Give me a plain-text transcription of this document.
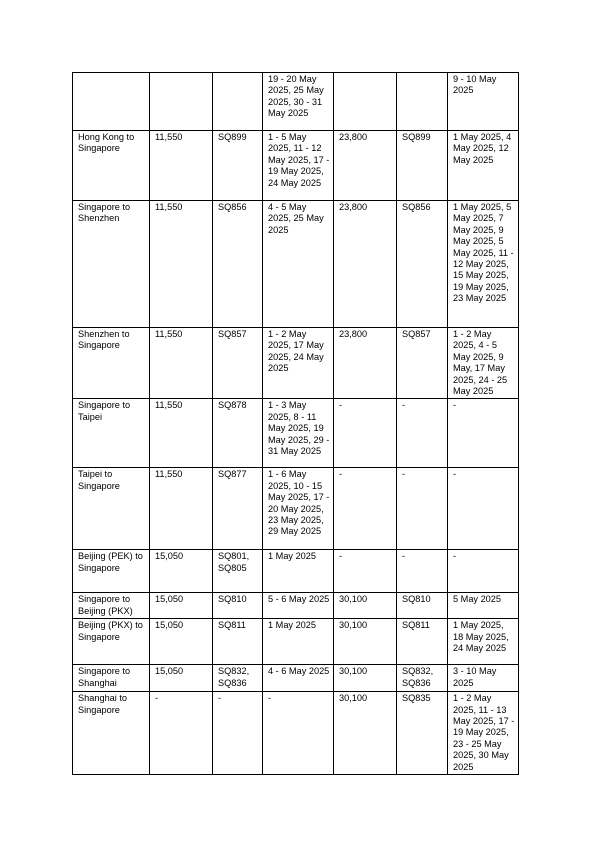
			19 - 20 May 2025, 25 May 2025, 30 - 31 May 2025			9 - 10 May 2025
Hong Kong to Singapore	11,550	SQ899	1 - 5 May 2025, 11 - 12 May 2025, 17 - 19 May 2025, 24 May 2025	23,800	SQ899	1 May 2025, 4 May 2025, 12 May 2025
Singapore to Shenzhen	11,550	SQ856	4 - 5 May 2025, 25 May 2025	23,800	SQ856	1 May 2025, 5 May 2025, 7 May 2025, 9 May 2025, 5 May 2025, 11 - 12 May 2025, 15 May 2025, 19 May 2025, 23 May 2025
Shenzhen to Singapore	11,550	SQ857	1 - 2 May 2025, 17 May 2025, 24 May 2025	23,800	SQ857	1 - 2 May 2025, 4 - 5 May 2025, 9 May, 17 May 2025, 24 - 25 May 2025
Singapore to Taipei	11,550	SQ878	1 - 3 May 2025, 8 - 11 May 2025, 19 May 2025, 29 - 31 May 2025	-	-	-
Taipei to Singapore	11,550	SQ877	1 - 6 May 2025, 10 - 15 May 2025, 17 - 20 May 2025, 23 May 2025, 29 May 2025	-	-	-
Beijing (PEK) to Singapore	15,050	SQ801, SQ805	1 May 2025	-	-	-
Singapore to Beijing (PKX)	15,050	SQ810	5 - 6 May 2025	30,100	SQ810	5 May 2025
Beijing (PKX) to Singapore	15,050	SQ811	1 May 2025	30,100	SQ811	1 May 2025, 18 May 2025, 24 May 2025
Singapore to Shanghai	15,050	SQ832, SQ836	4 - 6 May 2025	30,100	SQ832, SQ836	3 - 10 May 2025
Shanghai to Singapore	-	-	-	30,100	SQ835	1 - 2 May 2025, 11 - 13 May 2025, 17 - 19 May 2025, 23 - 25 May 2025, 30 May 2025
